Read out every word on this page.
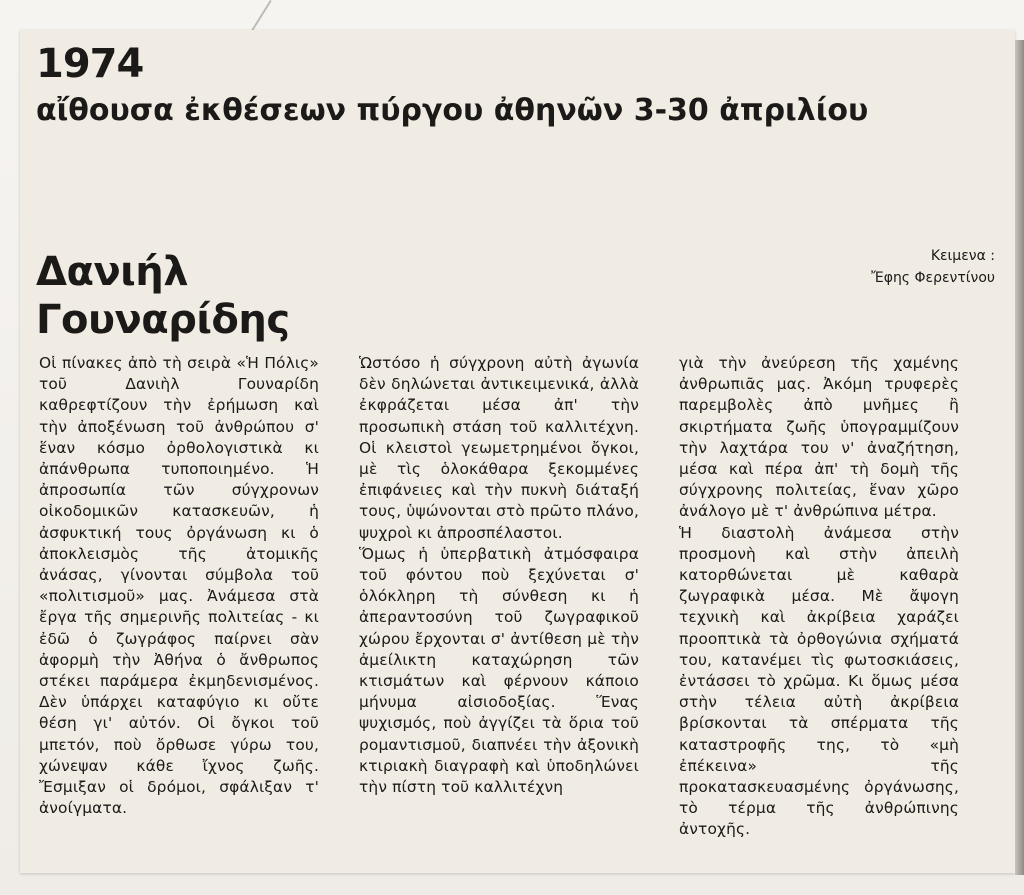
1974
αἴθουσα ἐκθέσεων πύργου ἀθηνῶν 3-30 ἀπριλίου
Δανιήλ
Γουναρίδης
Κειμενα :
Ἔφης Φερεντίνου
Οἱ πίνακες ἀπὸ τὴ σειρὰ «Ἡ Πόλις» τοῦ Δανιὴλ Γουναρίδη καθρεφτίζουν τὴν ἐρήμωση καὶ τὴν ἀποξένωση τοῦ ἀνθρώπου σ' ἕναν κόσμο ὀρθολογιστικὰ κι ἀπάνθρωπα τυποποιημένο. Ἡ ἀπροσωπία τῶν σύγχρονων οἰκοδομικῶν κατασκευῶν, ἡ ἀσφυκτική τους ὀργάνωση κι ὁ ἀποκλεισμὸς τῆς ἀτομικῆς ἀνάσας, γίνονται σύμβολα τοῦ «πολιτισμοῦ» μας. Ἀνάμεσα στὰ ἔργα τῆς σημερινῆς πολιτείας - κι ἐδῶ ὁ ζωγράφος παίρνει σὰν ἀφορμὴ τὴν Ἀθήνα ὁ ἄνθρωπος στέκει παράμερα ἐκμηδενισμένος. Δὲν ὑπάρχει καταφύγιο κι οὔτε θέση γι' αὐτόν. Οἱ ὄγκοι τοῦ μπετόν, ποὺ ὄρθωσε γύρω του, χώνεψαν κάθε ἴχνος ζωῆς. Ἔσμιξαν οἱ δρόμοι, σφάλιξαν τ' ἀνοίγματα.
Ὡστόσο ἡ σύγχρονη αὐτὴ ἀγωνία δὲν δηλώνεται ἀντικειμενικά, ἀλλὰ ἐκφράζεται μέσα ἀπ' τὴν προσωπικὴ στάση τοῦ καλλιτέχνη. Οἱ κλειστοὶ γεωμετρημένοι ὄγκοι, μὲ τὶς ὁλοκάθαρα ξεκομμένες ἐπιφάνειες καὶ τὴν πυκνὴ διάταξή τους, ὑψώνονται στὸ πρῶτο πλάνο, ψυχροὶ κι ἀπροσπέλαστοι.
Ὅμως ἡ ὑπερβατικὴ ἀτμόσφαιρα τοῦ φόντου ποὺ ξεχύνεται σ' ὁλόκληρη τὴ σύνθεση κι ἡ ἀπεραντοσύνη τοῦ ζωγραφικοῦ χώρου ἔρχονται σ' ἀντίθεση μὲ τὴν ἀμείλικτη καταχώρηση τῶν κτισμάτων καὶ φέρνουν κάποιο μήνυμα αἰσιοδοξίας. Ἕνας ψυχισμός, ποὺ ἀγγίζει τὰ ὅρια τοῦ ρομαντισμοῦ, διαπνέει τὴν ἀξονικὴ κτιριακὴ διαγραφὴ καὶ ὑποδηλώνει τὴν πίστη τοῦ καλλιτέχνη
γιὰ τὴν ἀνεύρεση τῆς χαμένης ἀνθρωπιᾶς μας. Ἀκόμη τρυφερὲς παρεμβολὲς ἀπὸ μνῆμες ἢ σκιρτήματα ζωῆς ὑπογραμμίζουν τὴν λαχτάρα του ν' ἀναζήτηση, μέσα καὶ πέρα ἀπ' τὴ δομὴ τῆς σύγχρονης πολιτείας, ἕναν χῶρο ἀνάλογο μὲ τ' ἀνθρώπινα μέτρα.
Ἡ διαστολὴ ἀνάμεσα στὴν προσμονὴ καὶ στὴν ἀπειλὴ κατορθώνεται μὲ καθαρὰ ζωγραφικὰ μέσα. Μὲ ἄψογη τεχνικὴ καὶ ἀκρίβεια χαράζει προοπτικὰ τὰ ὀρθογώνια σχήματά του, κατανέμει τὶς φωτοσκιάσεις, ἐντάσσει τὸ χρῶμα. Κι ὅμως μέσα στὴν τέλεια αὐτὴ ἀκρίβεια βρίσκονται τὰ σπέρματα τῆς καταστροφῆς της, τὸ «μὴ ἐπέκεινα» τῆς προκατασκευασμένης ὀργάνωσης, τὸ τέρμα τῆς ἀνθρώπινης ἀντοχῆς.
